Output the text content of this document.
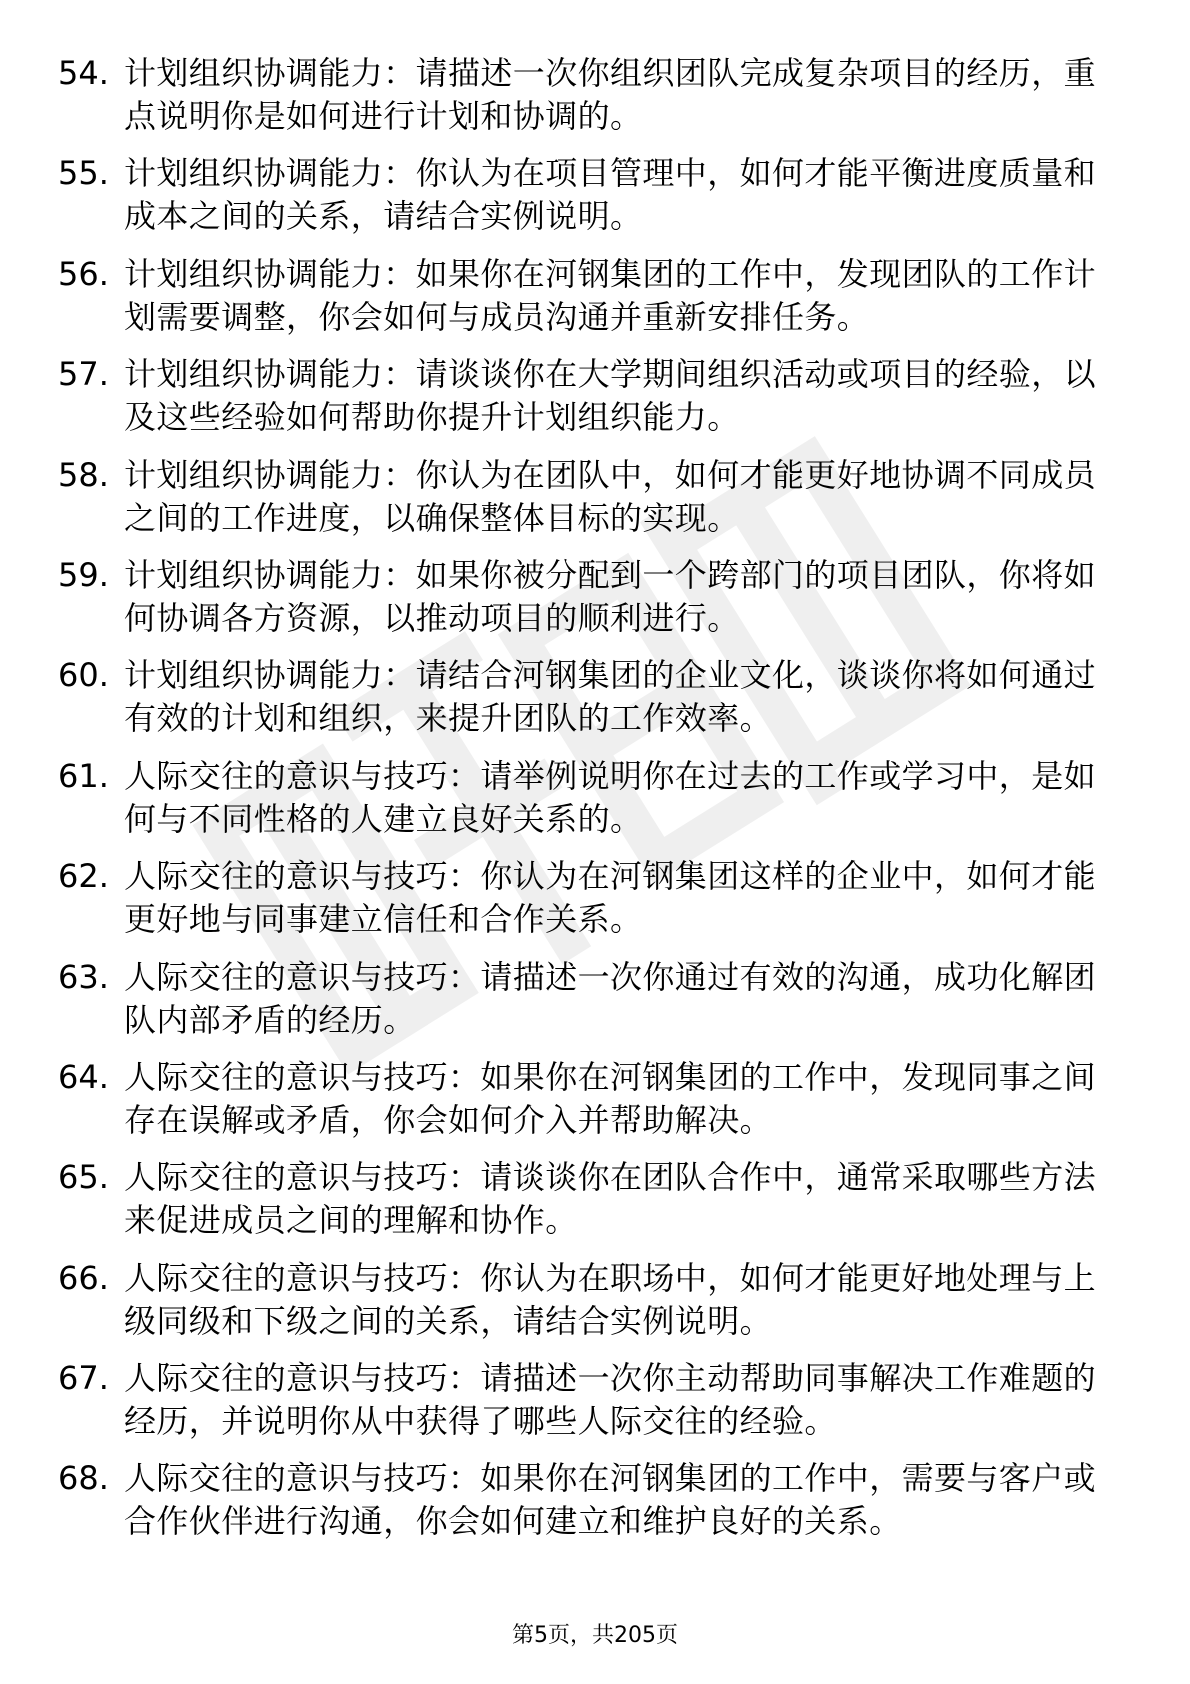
54. 计划组织协调能力：请描述一次你组织团队完成复杂项目的经历，重点说明你是如何进行计划和协调的。
55. 计划组织协调能力：你认为在项目管理中，如何才能平衡进度质量和成本之间的关系，请结合实例说明。
56. 计划组织协调能力：如果你在河钢集团的工作中，发现团队的工作计划需要调整，你会如何与成员沟通并重新安排任务。
57. 计划组织协调能力：请谈谈你在大学期间组织活动或项目的经验，以及这些经验如何帮助你提升计划组织能力。
58. 计划组织协调能力：你认为在团队中，如何才能更好地协调不同成员之间的工作进度，以确保整体目标的实现。
59. 计划组织协调能力：如果你被分配到一个跨部门的项目团队，你将如何协调各方资源，以推动项目的顺利进行。
60. 计划组织协调能力：请结合河钢集团的企业文化，谈谈你将如何通过有效的计划和组织，来提升团队的工作效率。
61. 人际交往的意识与技巧：请举例说明你在过去的工作或学习中，是如何与不同性格的人建立良好关系的。
62. 人际交往的意识与技巧：你认为在河钢集团这样的企业中，如何才能更好地与同事建立信任和合作关系。
63. 人际交往的意识与技巧：请描述一次你通过有效的沟通，成功化解团队内部矛盾的经历。
64. 人际交往的意识与技巧：如果你在河钢集团的工作中，发现同事之间存在误解或矛盾，你会如何介入并帮助解决。
65. 人际交往的意识与技巧：请谈谈你在团队合作中，通常采取哪些方法来促进成员之间的理解和协作。
66. 人际交往的意识与技巧：你认为在职场中，如何才能更好地处理与上级同级和下级之间的关系，请结合实例说明。
67. 人际交往的意识与技巧：请描述一次你主动帮助同事解决工作难题的经历，并说明你从中获得了哪些人际交往的经验。
68. 人际交往的意识与技巧：如果你在河钢集团的工作中，需要与客户或合作伙伴进行沟通，你会如何建立和维护良好的关系。
第5页，共205页
